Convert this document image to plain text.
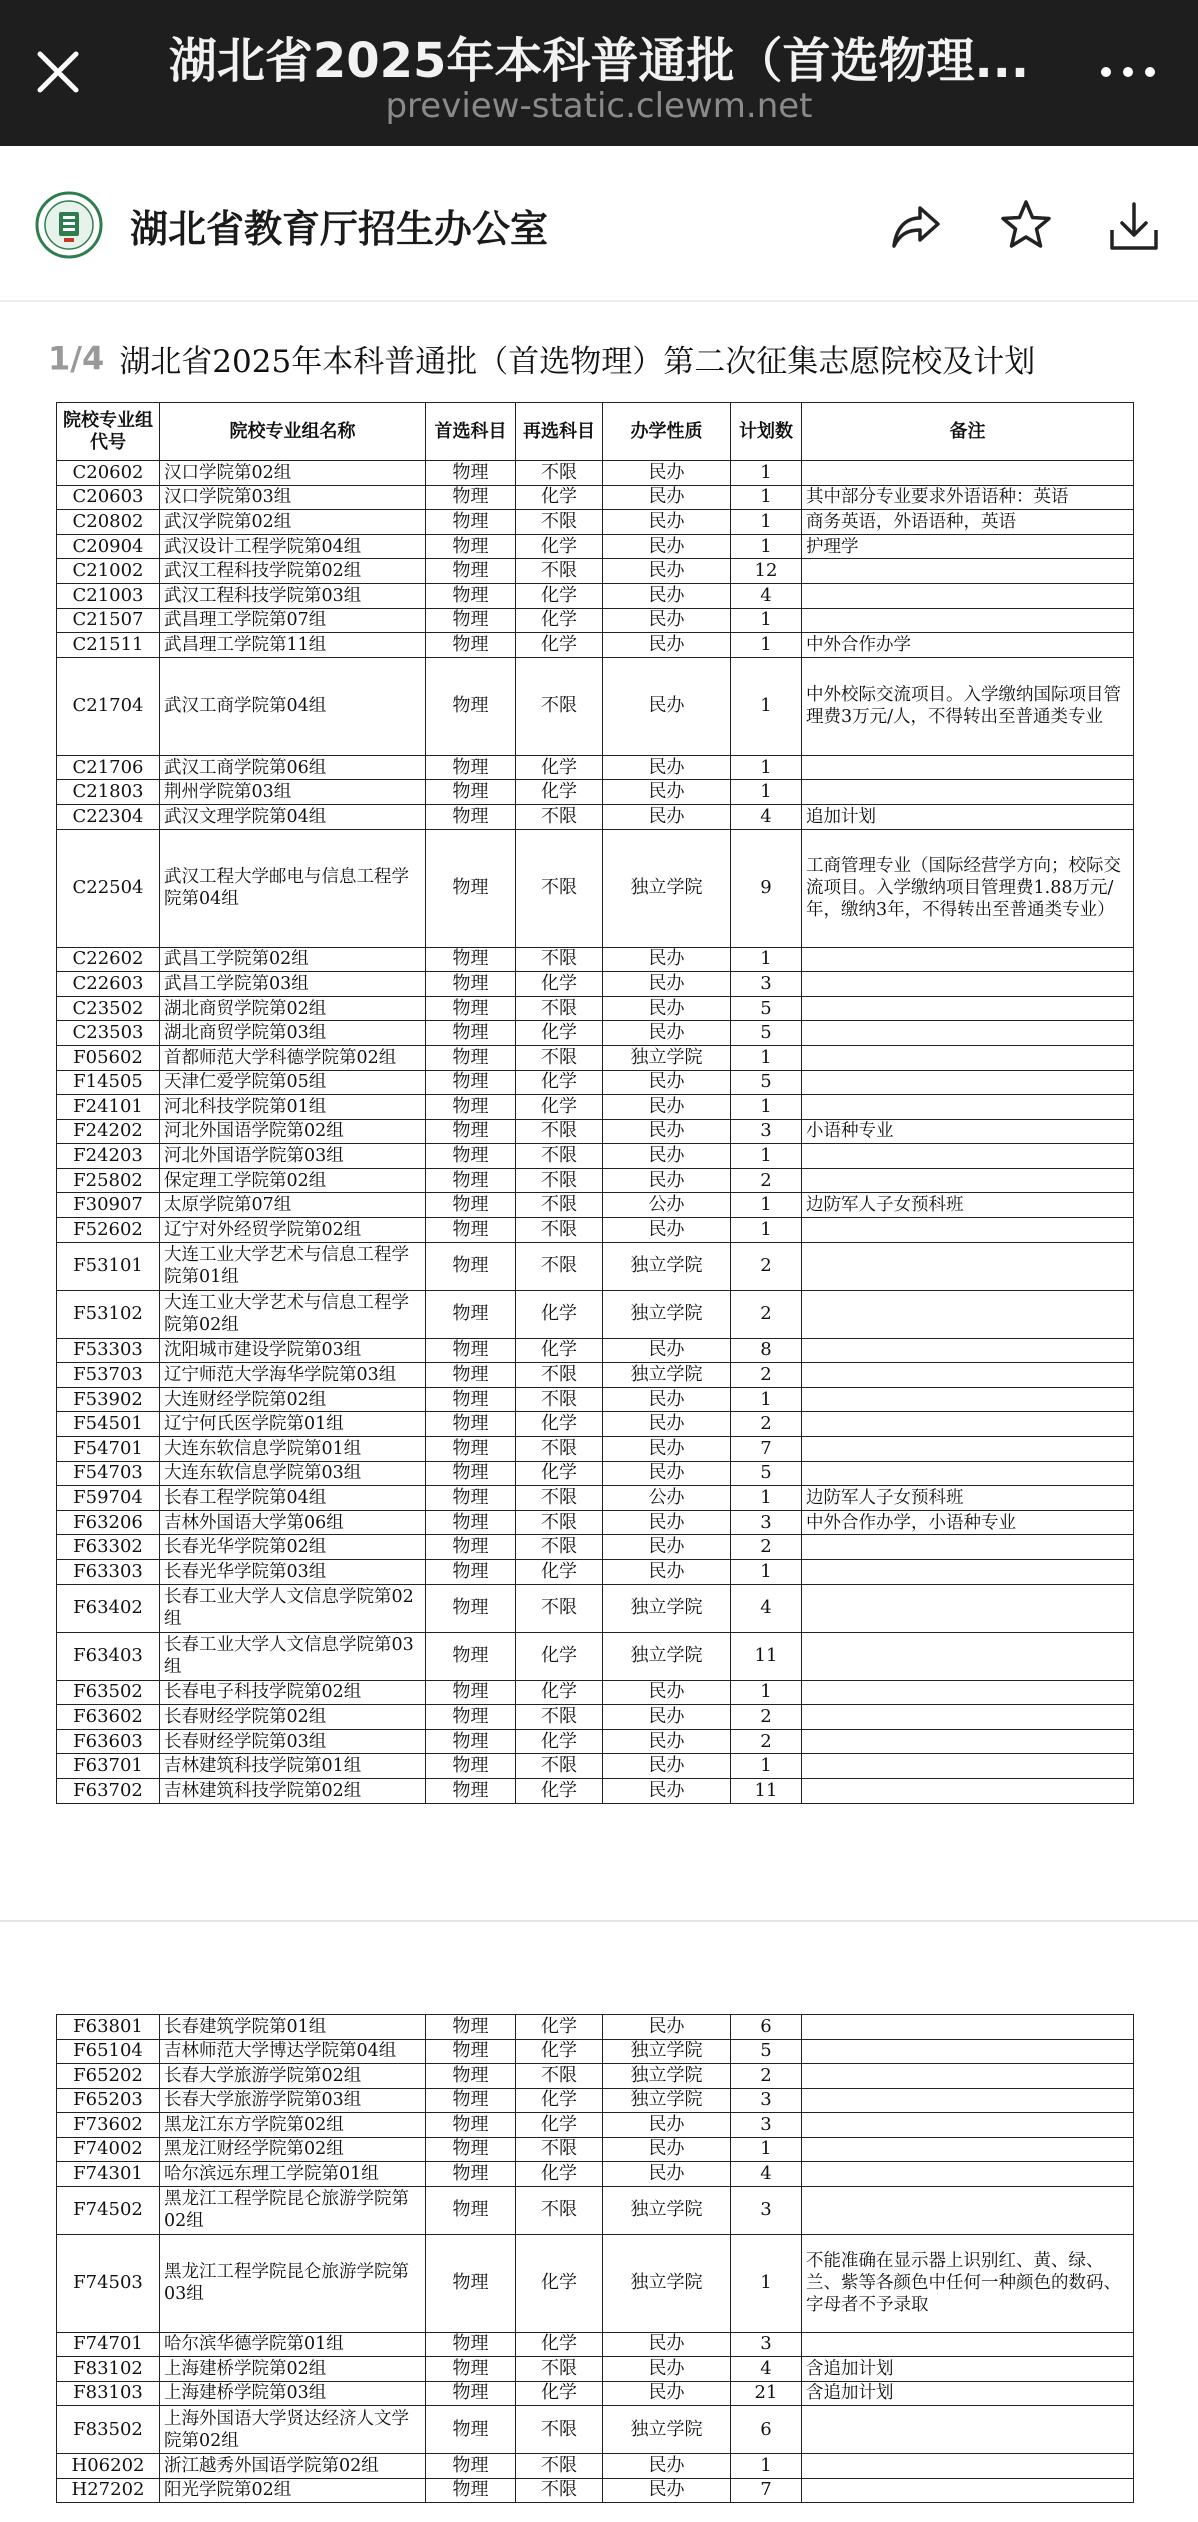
湖北省2025年本科普通批（首选物理...
preview-static.clewm.net
湖北省教育厅招生办公室
1/4 湖北省2025年本科普通批（首选物理）第二次征集志愿院校及计划
院校专业组代号	院校专业组名称	首选科目	再选科目	办学性质	计划数	备注
C20602	汉口学院第02组	物理	不限	民办	1	
C20603	汉口学院第03组	物理	化学	民办	1	其中部分专业要求外语语种：英语
C20802	武汉学院第02组	物理	不限	民办	1	商务英语，外语语种，英语
C20904	武汉设计工程学院第04组	物理	化学	民办	1	护理学
C21002	武汉工程科技学院第02组	物理	不限	民办	12	
C21003	武汉工程科技学院第03组	物理	化学	民办	4	
C21507	武昌理工学院第07组	物理	化学	民办	1	
C21511	武昌理工学院第11组	物理	化学	民办	1	中外合作办学
C21704	武汉工商学院第04组	物理	不限	民办	1	中外校际交流项目。入学缴纳国际项目管理费3万元/人，不得转出至普通类专业
C21706	武汉工商学院第06组	物理	化学	民办	1	
C21803	荆州学院第03组	物理	化学	民办	1	
C22304	武汉文理学院第04组	物理	不限	民办	4	追加计划
C22504	武汉工程大学邮电与信息工程学院第04组	物理	不限	独立学院	9	工商管理专业（国际经营学方向；校际交流项目。入学缴纳项目管理费1.88万元/年，缴纳3年，不得转出至普通类专业）
C22602	武昌工学院第02组	物理	不限	民办	1	
C22603	武昌工学院第03组	物理	化学	民办	3	
C23502	湖北商贸学院第02组	物理	不限	民办	5	
C23503	湖北商贸学院第03组	物理	化学	民办	5	
F05602	首都师范大学科德学院第02组	物理	不限	独立学院	1	
F14505	天津仁爱学院第05组	物理	化学	民办	5	
F24101	河北科技学院第01组	物理	化学	民办	1	
F24202	河北外国语学院第02组	物理	不限	民办	3	小语种专业
F24203	河北外国语学院第03组	物理	不限	民办	1	
F25802	保定理工学院第02组	物理	不限	民办	2	
F30907	太原学院第07组	物理	不限	公办	1	边防军人子女预科班
F52602	辽宁对外经贸学院第02组	物理	不限	民办	1	
F53101	大连工业大学艺术与信息工程学院第01组	物理	不限	独立学院	2	
F53102	大连工业大学艺术与信息工程学院第02组	物理	化学	独立学院	2	
F53303	沈阳城市建设学院第03组	物理	化学	民办	8	
F53703	辽宁师范大学海华学院第03组	物理	不限	独立学院	2	
F53902	大连财经学院第02组	物理	不限	民办	1	
F54501	辽宁何氏医学院第01组	物理	化学	民办	2	
F54701	大连东软信息学院第01组	物理	不限	民办	7	
F54703	大连东软信息学院第03组	物理	化学	民办	5	
F59704	长春工程学院第04组	物理	不限	公办	1	边防军人子女预科班
F63206	吉林外国语大学第06组	物理	不限	民办	3	中外合作办学，小语种专业
F63302	长春光华学院第02组	物理	不限	民办	2	
F63303	长春光华学院第03组	物理	化学	民办	1	
F63402	长春工业大学人文信息学院第02组	物理	不限	独立学院	4	
F63403	长春工业大学人文信息学院第03组	物理	化学	独立学院	11	
F63502	长春电子科技学院第02组	物理	化学	民办	1	
F63602	长春财经学院第02组	物理	不限	民办	2	
F63603	长春财经学院第03组	物理	化学	民办	2	
F63701	吉林建筑科技学院第01组	物理	不限	民办	1	
F63702	吉林建筑科技学院第02组	物理	化学	民办	11	
F63801	长春建筑学院第01组	物理	化学	民办	6	
F65104	吉林师范大学博达学院第04组	物理	化学	独立学院	5	
F65202	长春大学旅游学院第02组	物理	不限	独立学院	2	
F65203	长春大学旅游学院第03组	物理	化学	独立学院	3	
F73602	黑龙江东方学院第02组	物理	化学	民办	3	
F74002	黑龙江财经学院第02组	物理	不限	民办	1	
F74301	哈尔滨远东理工学院第01组	物理	化学	民办	4	
F74502	黑龙江工程学院昆仑旅游学院第02组	物理	不限	独立学院	3	
F74503	黑龙江工程学院昆仑旅游学院第03组	物理	化学	独立学院	1	不能准确在显示器上识别红、黄、绿、兰、紫等各颜色中任何一种颜色的数码、字母者不予录取
F74701	哈尔滨华德学院第01组	物理	化学	民办	3	
F83102	上海建桥学院第02组	物理	不限	民办	4	含追加计划
F83103	上海建桥学院第03组	物理	化学	民办	21	含追加计划
F83502	上海外国语大学贤达经济人文学院第02组	物理	不限	独立学院	6	
H06202	浙江越秀外国语学院第02组	物理	不限	民办	1	
H27202	阳光学院第02组	物理	不限	民办	7	
